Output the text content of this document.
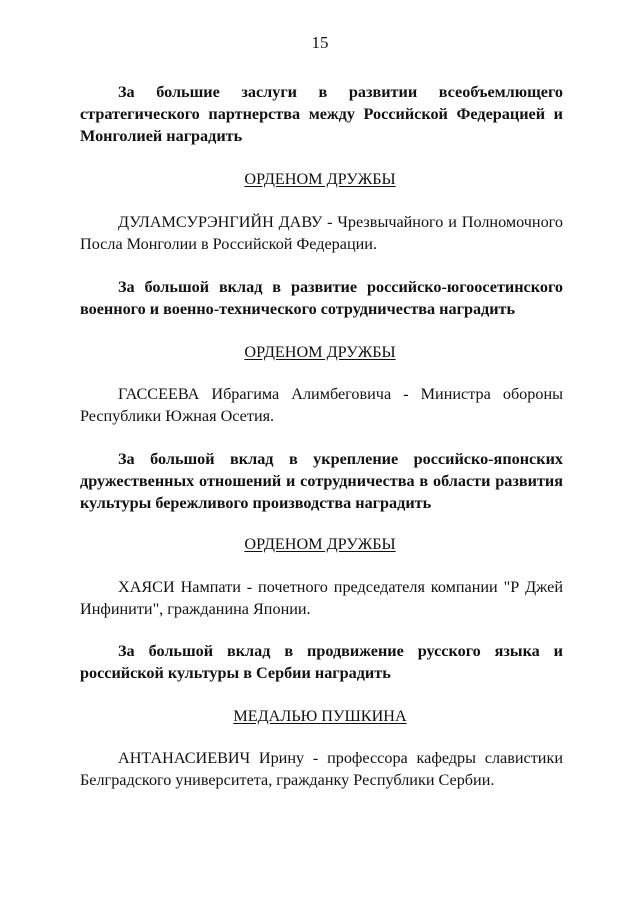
15

За большие заслуги в развитии всеобъемлющего стратегического партнерства между Российской Федерацией и Монголией наградить

ОРДЕНОМ ДРУЖБЫ

ДУЛАМСУРЭНГИЙН ДАВУ - Чрезвычайного и Полномочного Посла Монголии в Российской Федерации.

За большой вклад в развитие российско-югоосетинского военного и военно-технического сотрудничества наградить

ОРДЕНОМ ДРУЖБЫ

ГАССЕЕВА Ибрагима Алимбеговича - Министра обороны Республики Южная Осетия.

За большой вклад в укрепление российско-японских дружественных отношений и сотрудничества в области развития культуры бережливого производства наградить

ОРДЕНОМ ДРУЖБЫ

ХАЯСИ Нампати - почетного председателя компании "Р Джей Инфинити", гражданина Японии.

За большой вклад в продвижение русского языка и российской культуры в Сербии наградить

МЕДАЛЬЮ ПУШКИНА

АНТАНАСИЕВИЧ Ирину - профессора кафедры славистики Белградского университета, гражданку Республики Сербии.
